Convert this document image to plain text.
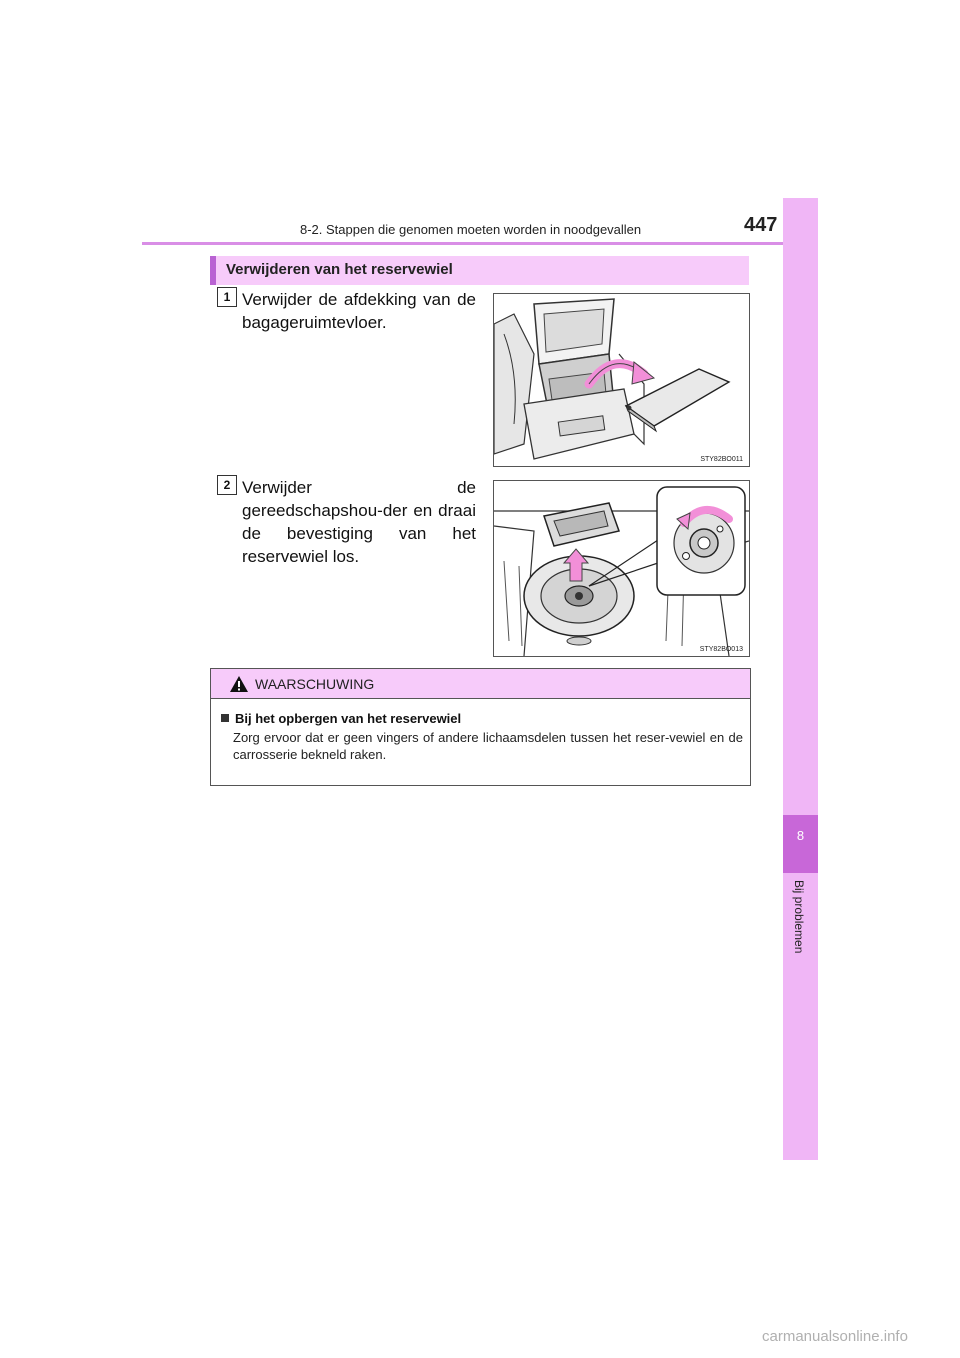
8-2. Stappen die genomen moeten worden in noodgevallen	447
8
Bij problemen
Verwijderen van het reservewiel
1 Verwijder de afdekking van de bagageruimtevloer.
STY82BO011
2 Verwijder de gereedschapshou-der en draai de bevestiging van het reservewiel los.
STY82BO013
WAARSCHUWING
Bij het opbergen van het reservewiel
Zorg ervoor dat er geen vingers of andere lichaamsdelen tussen het reser-vewiel en de carrosserie bekneld raken.
carmanualsonline.info
